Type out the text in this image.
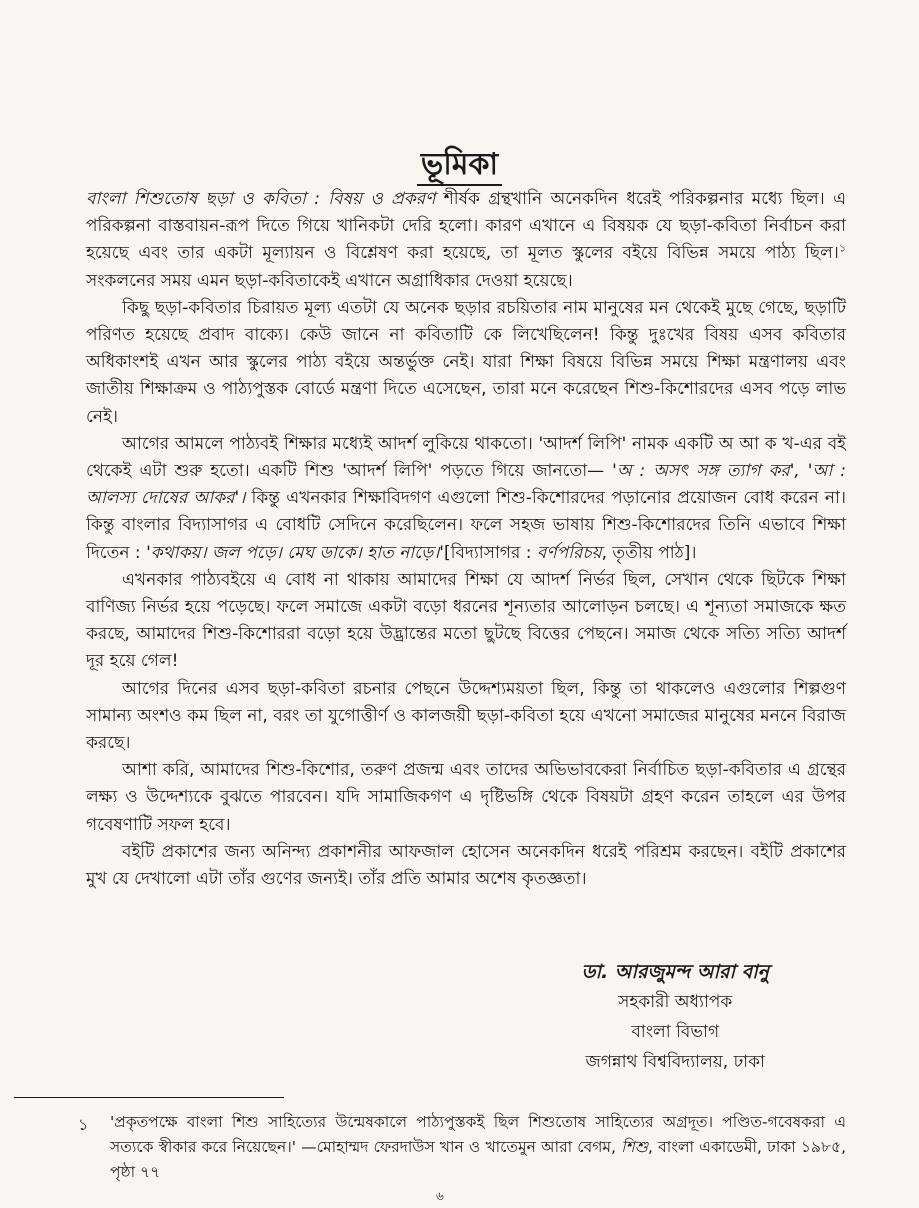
ভূমিকা

বাংলা শিশুতোষ ছড়া ও কবিতা : বিষয় ও প্রকরণ শীর্ষক গ্রন্থখানি অনেকদিন ধরেই পরিকল্পনার মধ্যে ছিল। এ পরিকল্পনা বাস্তবায়ন-রূপ দিতে গিয়ে খানিকটা দেরি হলো। কারণ এখানে এ বিষয়ক যে ছড়া-কবিতা নির্বাচন করা হয়েছে এবং তার একটা মূল্যায়ন ও বিশ্লেষণ করা হয়েছে, তা মূলত স্কুলের বইয়ে বিভিন্ন সময়ে পাঠ্য ছিল।$^১$ সংকলনের সময় এমন ছড়া-কবিতাকেই এখানে অগ্রাধিকার দেওয়া হয়েছে।

কিছু ছড়া-কবিতার চিরায়ত মূল্য এতটা যে অনেক ছড়ার রচয়িতার নাম মানুষের মন থেকেই মুছে গেছে, ছড়াটি পরিণত হয়েছে প্রবাদ বাক্যে। কেউ জানে না কবিতাটি কে লিখেছিলেন! কিন্তু দুঃখের বিষয় এসব কবিতার অধিকাংশই এখন আর স্কুলের পাঠ্য বইয়ে অন্তর্ভুক্ত নেই। যারা শিক্ষা বিষয়ে বিভিন্ন সময়ে শিক্ষা মন্ত্রণালয় এবং জাতীয় শিক্ষাক্রম ও পাঠ্যপুস্তক বোর্ডে মন্ত্রণা দিতে এসেছেন, তারা মনে করেছেন শিশু-কিশোরদের এসব পড়ে লাভ নেই।

আগের আমলে পাঠ্যবই শিক্ষার মধ্যেই আদর্শ লুকিয়ে থাকতো। 'আদর্শ লিপি' নামক একটি অ আ ক খ-এর বই থেকেই এটা শুরু হতো। একটি শিশু 'আদর্শ লিপি' পড়তে গিয়ে জানতো— 'অ : অসৎ সঙ্গ ত্যাগ কর', 'আ : আলস্য দোষের আকর'। কিন্তু এখনকার শিক্ষাবিদগণ এগুলো শিশু-কিশোরদের পড়ানোর প্রয়োজন বোধ করেন না। কিন্তু বাংলার বিদ্যাসাগর এ বোধটি সেদিনে করেছিলেন। ফলে সহজ ভাষায় শিশু-কিশোরদের তিনি এভাবে শিক্ষা দিতেন : 'কথাকয়। জল পড়ে। মেঘ ডাকে। হাত নাড়ে।'[বিদ্যাসাগর : বর্ণপরিচয়, তৃতীয় পাঠ]।

এখনকার পাঠ্যবইয়ে এ বোধ না থাকায় আমাদের শিক্ষা যে আদর্শ নির্ভর ছিল, সেখান থেকে ছিটকে শিক্ষা বাণিজ্য নির্ভর হয়ে পড়েছে। ফলে সমাজে একটা বড়ো ধরনের শূন্যতার আলোড়ন চলছে। এ শূন্যতা সমাজকে ক্ষত করছে, আমাদের শিশু-কিশোররা বড়ো হয়ে উদ্ভ্রান্তের মতো ছুটছে বিত্তের পেছনে। সমাজ থেকে সত্যি সত্যি আদর্শ দূর হয়ে গেল!

আগের দিনের এসব ছড়া-কবিতা রচনার পেছনে উদ্দেশ্যময়তা ছিল, কিন্তু তা থাকলেও এগুলোর শিল্পগুণ সামান্য অংশও কম ছিল না, বরং তা যুগোত্তীর্ণ ও কালজয়ী ছড়া-কবিতা হয়ে এখনো সমাজের মানুষের মননে বিরাজ করছে।

আশা করি, আমাদের শিশু-কিশোর, তরুণ প্রজন্ম এবং তাদের অভিভাবকেরা নির্বাচিত ছড়া-কবিতার এ গ্রন্থের লক্ষ্য ও উদ্দেশ্যকে বুঝতে পারবেন। যদি সামাজিকগণ এ দৃষ্টিভঙ্গি থেকে বিষয়টা গ্রহণ করেন তাহলে এর উপর গবেষণাটি সফল হবে।

বইটি প্রকাশের জন্য অনিন্দ্য প্রকাশনীর আফজাল হোসেন অনেকদিন ধরেই পরিশ্রম করছেন। বইটি প্রকাশের মুখ যে দেখালো এটা তাঁর গুণের জন্যই। তাঁর প্রতি আমার অশেষ কৃতজ্ঞতা।

ডা. আরজুমন্দ আরা বানু
সহকারী অধ্যাপক
বাংলা বিভাগ
জগন্নাথ বিশ্ববিদ্যালয়, ঢাকা
১ 'প্রকৃতপক্ষে বাংলা শিশু সাহিত্যের উন্মেষকালে পাঠ্যপুস্তকই ছিল শিশুতোষ সাহিত্যের অগ্রদূত। পণ্ডিত-গবেষকরা এ সত্যকে স্বীকার করে নিয়েছেন।' —মোহাম্মদ ফেরদাউস খান ও খাতেমুন আরা বেগম, শিশু, বাংলা একাডেমী, ঢাকা ১৯৮৫, পৃষ্ঠা ৭৭
৬
